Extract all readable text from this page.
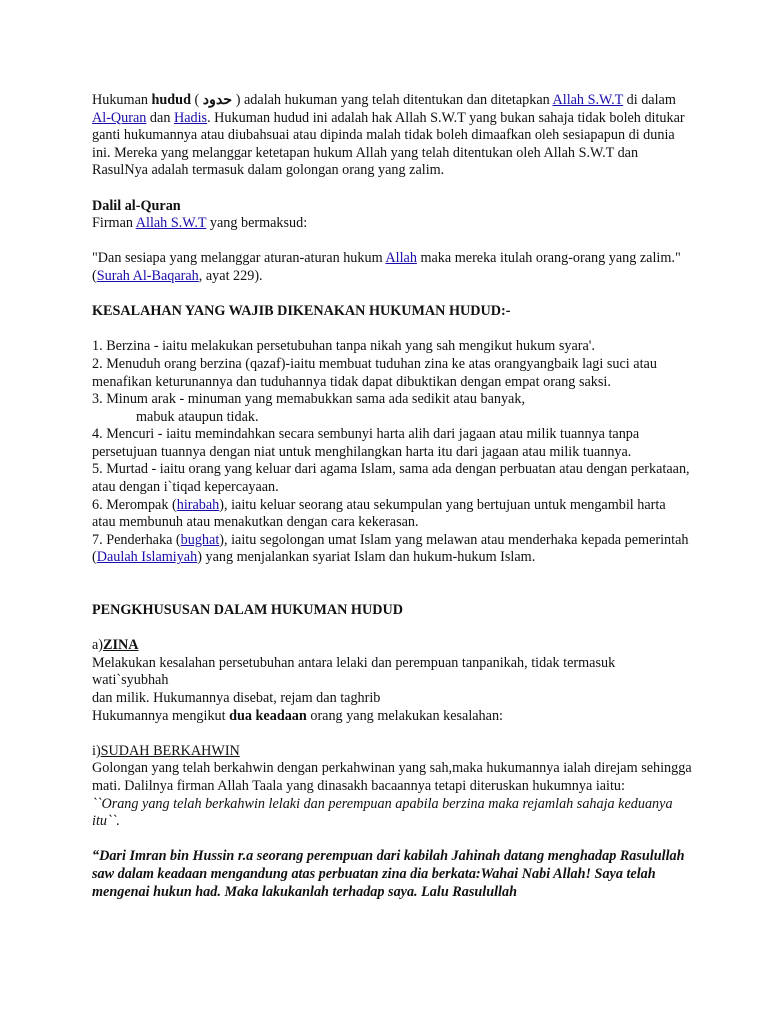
Hukuman hudud ( حدود ) adalah hukuman yang telah ditentukan dan ditetapkan Allah S.W.T di dalam Al-Quran dan Hadis. Hukuman hudud ini adalah hak Allah S.W.T yang bukan sahaja tidak boleh ditukar ganti hukumannya atau diubahsuai atau dipinda malah tidak boleh dimaafkan oleh sesiapapun di dunia ini. Mereka yang melanggar ketetapan hukum Allah yang telah ditentukan oleh Allah S.W.T dan RasulNya adalah termasuk dalam golongan orang yang zalim.

Dalil al-Quran

Firman Allah S.W.T yang bermaksud:

"Dan sesiapa yang melanggar aturan-aturan hukum Allah maka mereka itulah orang-orang yang zalim." (Surah Al-Baqarah, ayat 229).

KESALAHAN YANG WAJIB DIKENAKAN HUKUMAN HUDUD:-

1. Berzina - iaitu melakukan persetubuhan tanpa nikah yang sah mengikut hukum syara'.

2. Menuduh orang berzina (qazaf)-iaitu membuat tuduhan zina ke atas orangyangbaik lagi suci atau menafikan keturunannya dan tuduhannya tidak dapat dibuktikan dengan empat orang saksi.

3. Minum arak - minuman yang memabukkan sama ada sedikit atau banyak,

mabuk ataupun tidak.

4. Mencuri - iaitu memindahkan secara sembunyi harta alih dari jagaan atau milik tuannya tanpa persetujuan tuannya dengan niat untuk menghilangkan harta itu dari jagaan atau milik tuannya.

5. Murtad - iaitu orang yang keluar dari agama Islam, sama ada dengan perbuatan atau dengan perkataan, atau dengan i`tiqad kepercayaan.

6. Merompak (hirabah), iaitu keluar seorang atau sekumpulan yang bertujuan untuk mengambil harta atau membunuh atau menakutkan dengan cara kekerasan.

7. Penderhaka (bughat), iaitu segolongan umat Islam yang melawan atau menderhaka kepada pemerintah (Daulah Islamiyah) yang menjalankan syariat Islam dan hukum-hukum Islam.

PENGKHUSUSAN DALAM HUKUMAN HUDUD

a)ZINA

Melakukan kesalahan persetubuhan antara lelaki dan perempuan tanpanikah, tidak termasuk wati`syubhah

dan milik. Hukumannya disebat, rejam dan taghrib

Hukumannya mengikut dua keadaan orang yang melakukan kesalahan:

i)SUDAH BERKAHWIN

Golongan yang telah berkahwin dengan perkahwinan yang sah,maka hukumannya ialah direjam sehingga mati. Dalilnya firman Allah Taala yang dinasakh bacaannya tetapi diteruskan hukumnya iaitu:

``Orang yang telah berkahwin lelaki dan perempuan apabila berzina maka rejamlah sahaja keduanya itu``.

“Dari Imran bin Hussin r.a seorang perempuan dari kabilah Jahinah datang menghadap Rasulullah saw dalam keadaan mengandung atas perbuatan zina dia berkata:Wahai Nabi Allah! Saya telah mengenai hukun had. Maka lakukanlah terhadap saya. Lalu Rasulullah
